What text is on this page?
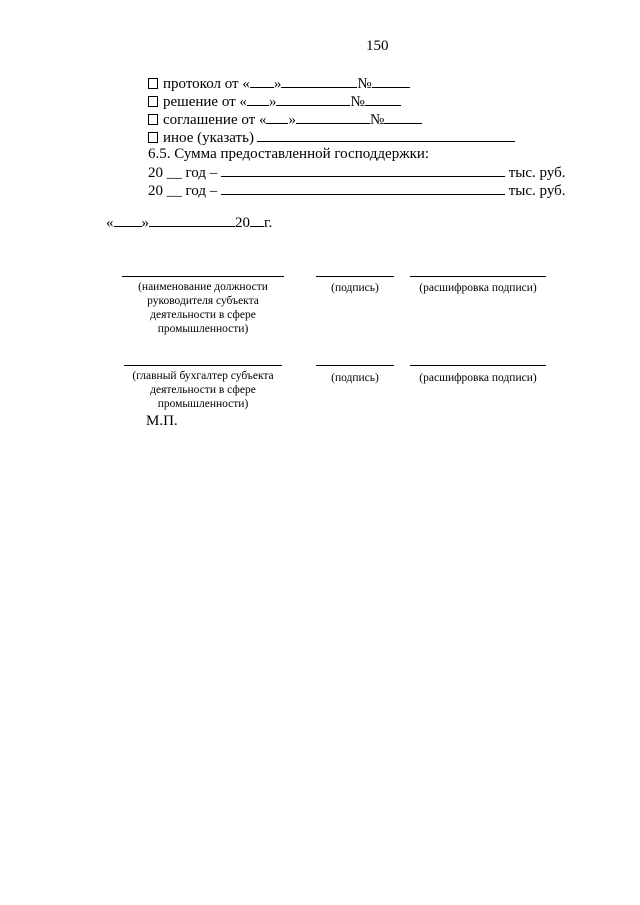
150
протокол от « »	№
решение от « »	№
соглашение от « »	№
иное (указать)
6.5. Сумма предоставленной господдержки:
20 __ год –	тыс. руб.
20 __ год –	тыс. руб.
« »	20 г.
(наименование должности руководителя субъекта деятельности в сфере промышленности)
(подпись)	(расшифровка подписи)
(главный бухгалтер субъекта деятельности в сфере промышленности)
(подпись)	(расшифровка подписи)
М.П.
